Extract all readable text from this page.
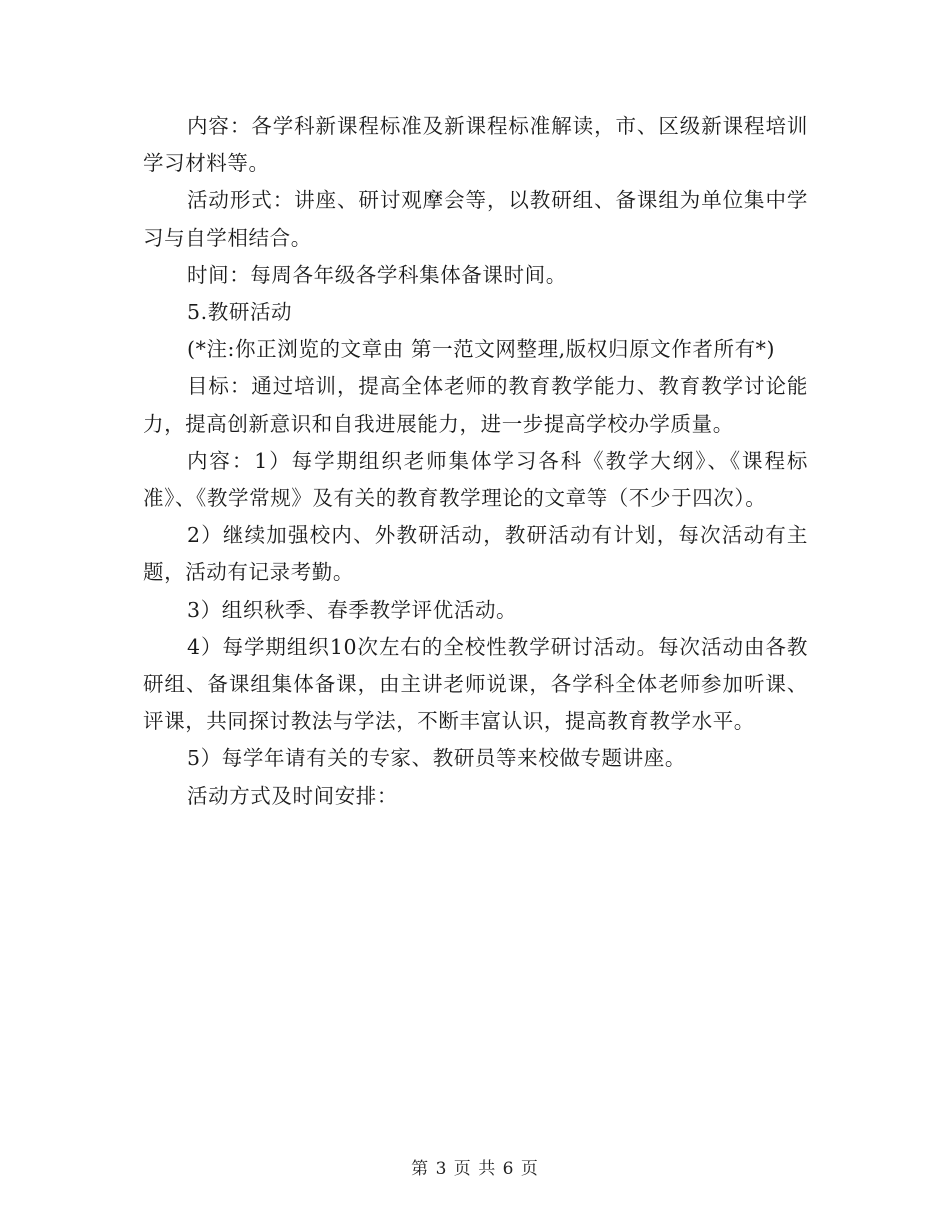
内容：各学科新课程标准及新课程标准解读，市、区级新课程培训学习材料等。

活动形式：讲座、研讨观摩会等，以教研组、备课组为单位集中学习与自学相结合。

时间：每周各年级各学科集体备课时间。

5.教研活动

(*注:你正浏览的文章由 第一范文网整理,版权归原文作者所有*)

目标：通过培训，提高全体老师的教育教学能力、教育教学讨论能力，提高创新意识和自我进展能力，进一步提高学校办学质量。

内容：1）每学期组织老师集体学习各科《教学大纲》、《课程标准》、《教学常规》及有关的教育教学理论的文章等（不少于四次）。

2）继续加强校内、外教研活动，教研活动有计划，每次活动有主题，活动有记录考勤。

3）组织秋季、春季教学评优活动。

4）每学期组织10次左右的全校性教学研讨活动。每次活动由各教研组、备课组集体备课，由主讲老师说课，各学科全体老师参加听课、评课，共同探讨教法与学法，不断丰富认识，提高教育教学水平。

5）每学年请有关的专家、教研员等来校做专题讲座。

活动方式及时间安排：

第 3 页 共 6 页
